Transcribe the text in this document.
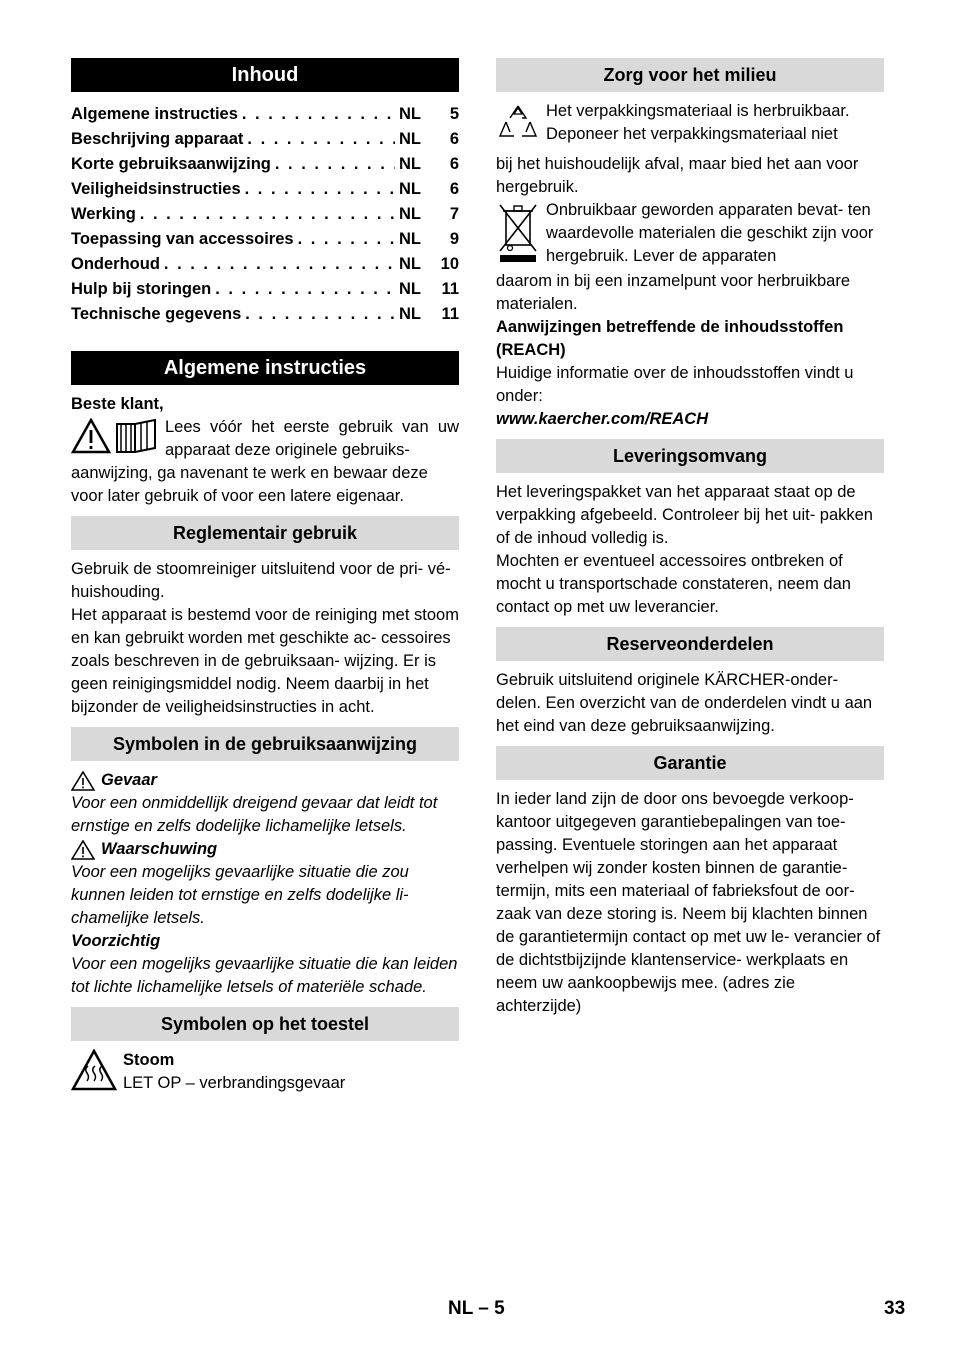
Inhoud
Algemene instructies . . .	NL	5
Beschrijving apparaat . . .	NL	6
Korte gebruiksaanwijzing . . .	NL	6
Veiligheidsinstructies . . .	NL	6
Werking . . .	NL	7
Toepassing van accessoires . . .	NL	9
Onderhoud . . .	NL	10
Hulp bij storingen . . .	NL	11
Technische gegevens . . .	NL	11
Algemene instructies

Beste klant,

Lees vóór het eerste gebruik van uw apparaat deze originele gebruiks-

aanwijzing, ga navenant te werk en bewaar deze voor later gebruik of voor een latere eigenaar.

Reglementair gebruik

Gebruik de stoomreiniger uitsluitend voor de pri- vé-huishouding.

Het apparaat is bestemd voor de reiniging met stoom en kan gebruikt worden met geschikte ac- cessoires zoals beschreven in de gebruiksaan- wijzing. Er is geen reinigingsmiddel nodig. Neem daarbij in het bijzonder de veiligheidsinstructies in acht.

Symbolen in de gebruiksaanwijzing
Gevaar

Voor een onmiddellijk dreigend gevaar dat leidt tot ernstige en zelfs dodelijke lichamelijke letsels.

Waarschuwing

Voor een mogelijks gevaarlijke situatie die zou kunnen leiden tot ernstige en zelfs dodelijke li- chamelijke letsels.

Voorzichtig

Voor een mogelijks gevaarlijke situatie die kan leiden tot lichte lichamelijke letsels of materiële schade.

Symbolen op het toestel

Stoom

LET OP – verbrandingsgevaar

Zorg voor het milieu

Het verpakkingsmateriaal is herbruikbaar. Deponeer het verpakkingsmateriaal niet

bij het huishoudelijk afval, maar bied het aan voor hergebruik.

Onbruikbaar geworden apparaten bevat- ten waardevolle materialen die geschikt zijn voor hergebruik. Lever de apparaten

daarom in bij een inzamelpunt voor herbruikbare materialen.

Aanwijzingen betreffende de inhoudsstoffen (REACH)

Huidige informatie over de inhoudsstoffen vindt u onder:

www.kaercher.com/REACH

Leveringsomvang

Het leveringspakket van het apparaat staat op de verpakking afgebeeld. Controleer bij het uit- pakken of de inhoud volledig is.

Mochten er eventueel accessoires ontbreken of mocht u transportschade constateren, neem dan contact op met uw leverancier.

Reserveonderdelen

Gebruik uitsluitend originele KÄRCHER-onder- delen. Een overzicht van de onderdelen vindt u aan het eind van deze gebruiksaanwijzing.

Garantie

In ieder land zijn de door ons bevoegde verkoop- kantoor uitgegeven garantiebepalingen van toe- passing. Eventuele storingen aan het apparaat verhelpen wij zonder kosten binnen de garantie- termijn, mits een materiaal of fabrieksfout de oor- zaak van deze storing is. Neem bij klachten binnen de garantietermijn contact op met uw le- verancier of de dichtstbijzijnde klantenservice- werkplaats en neem uw aankoopbewijs mee. (adres zie achterzijde)

NL – 5	33
